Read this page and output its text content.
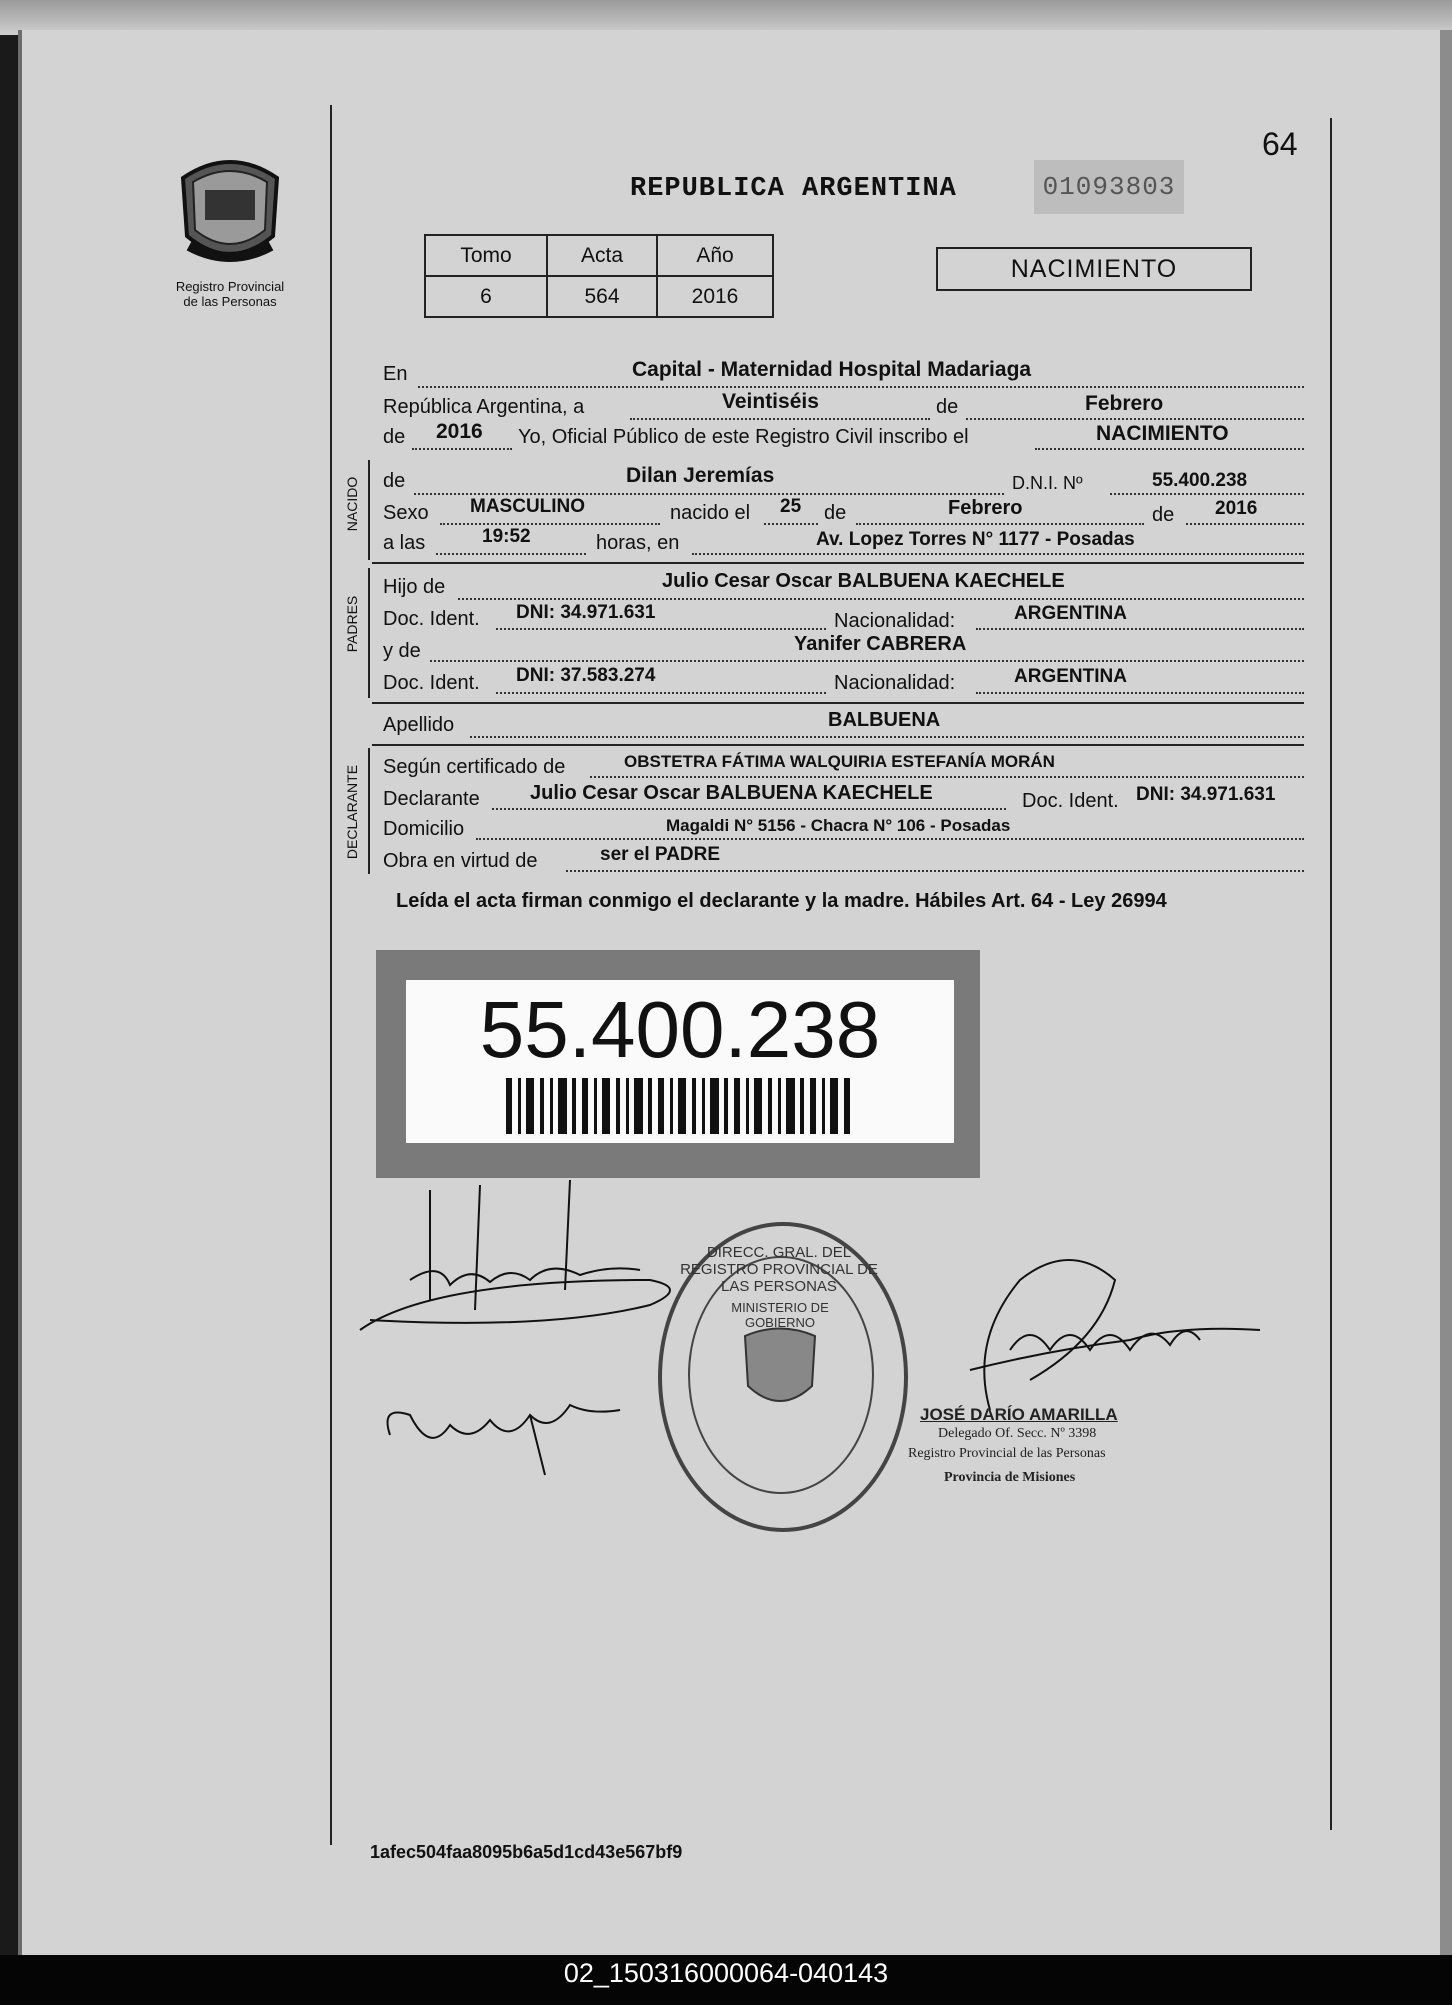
Registro Provincial
de las Personas
64
REPUBLICA ARGENTINA	01093803
Tomo	Acta	Año
6	564	2016
NACIMIENTO
En	Capital - Maternidad Hospital Madariaga
República Argentina, a	Veintiséis	de	Febrero
de 2016 Yo, Oficial Público de este Registro Civil inscribo el	NACIMIENTO
NACIDO de	Dilan Jeremías	D.N.I. Nº	55.400.238
Sexo MASCULINO	nacido el 25 de	Febrero	de 2016
a las	19:52	horas, en	Av. Lopez Torres N° 1177 - Posadas
PADRES
Hijo de	Julio Cesar Oscar BALBUENA KAECHELE
Doc. Ident. DNI: 34.971.631	Nacionalidad:	ARGENTINA
y de	Yanifer CABRERA
Doc. Ident. DNI: 37.583.274	Nacionalidad:	ARGENTINA
Apellido	BALBUENA
DECLARANTE Según certificado de	OBSTETRA FÁTIMA WALQUIRIA ESTEFANÍA MORÁN
Declarante	Julio Cesar Oscar BALBUENA KAECHELE	Doc. Ident. DNI: 34.971.631
Domicilio	Magaldi N° 5156 - Chacra N° 106 - Posadas
Obra en virtud de	ser el PADRE
Leída el acta firman conmigo el declarante y la madre. Hábiles Art. 64 - Ley 26994
55.400.238
DIRECC. GRAL. DEL REGISTRO PROVINCIAL DE LAS PERSONAS
MINISTERIO DE GOBIERNO
JOSÉ DARÍO AMARILLA
Delegado Of. Secc. Nº 3398
Registro Provincial de las Personas
Provincia de Misiones
1afec504faa8095b6a5d1cd43e567bf9
02_150316000064-040143
